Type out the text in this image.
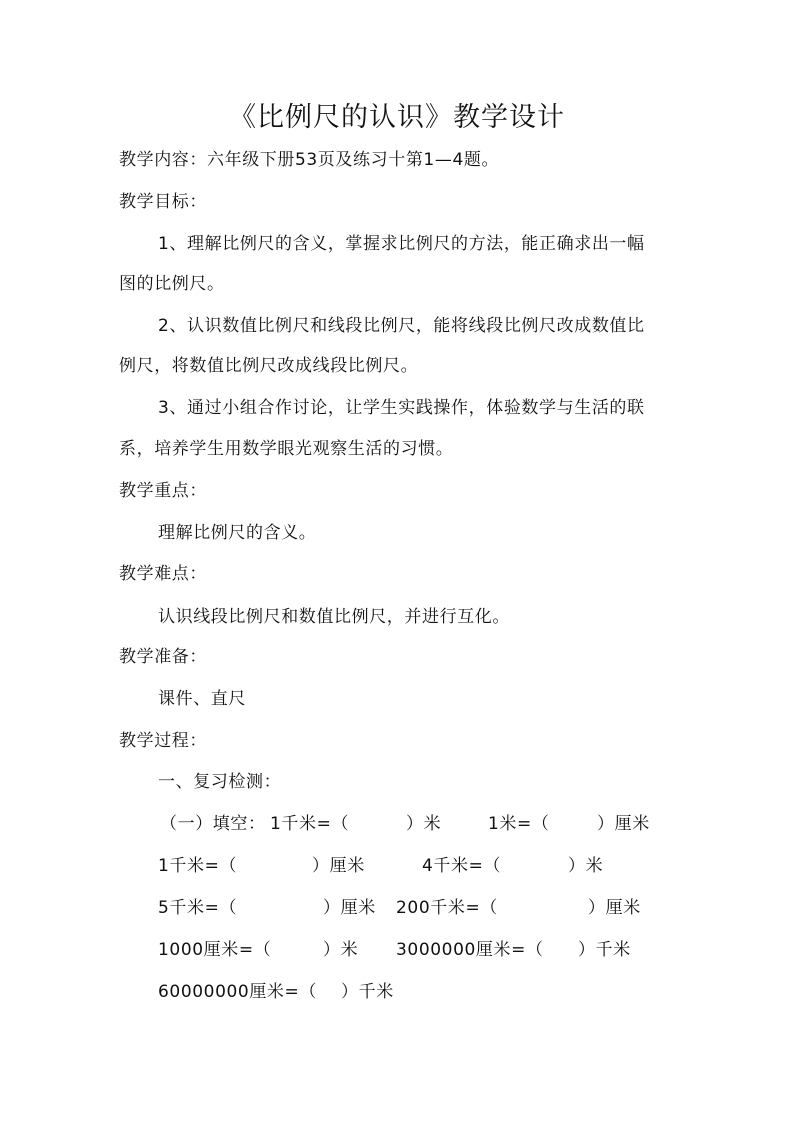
《比例尺的认识》教学设计
教学内容：六年级下册53页及练习十第1—4题。
教学目标：
1、理解比例尺的含义，掌握求比例尺的方法，能正确求出一幅
图的比例尺。
2、认识数值比例尺和线段比例尺，能将线段比例尺改成数值比
例尺，将数值比例尺改成线段比例尺。
3、通过小组合作讨论，让学生实践操作，体验数学与生活的联
系，培养学生用数学眼光观察生活的习惯。
教学重点：
理解比例尺的含义。
教学难点：
认识线段比例尺和数值比例尺，并进行互化。
教学准备：
课件、直尺
教学过程：
一、复习检测：
（一）填空： 1千米=（	）米	1米=（	）厘米
1千米=（	）厘米	4千米=（	）米
5千米=（	）厘米 200千米=（	）厘米
1000厘米=（	）米 3000000厘米=（ ）千米
60000000厘米=（ ）千米
